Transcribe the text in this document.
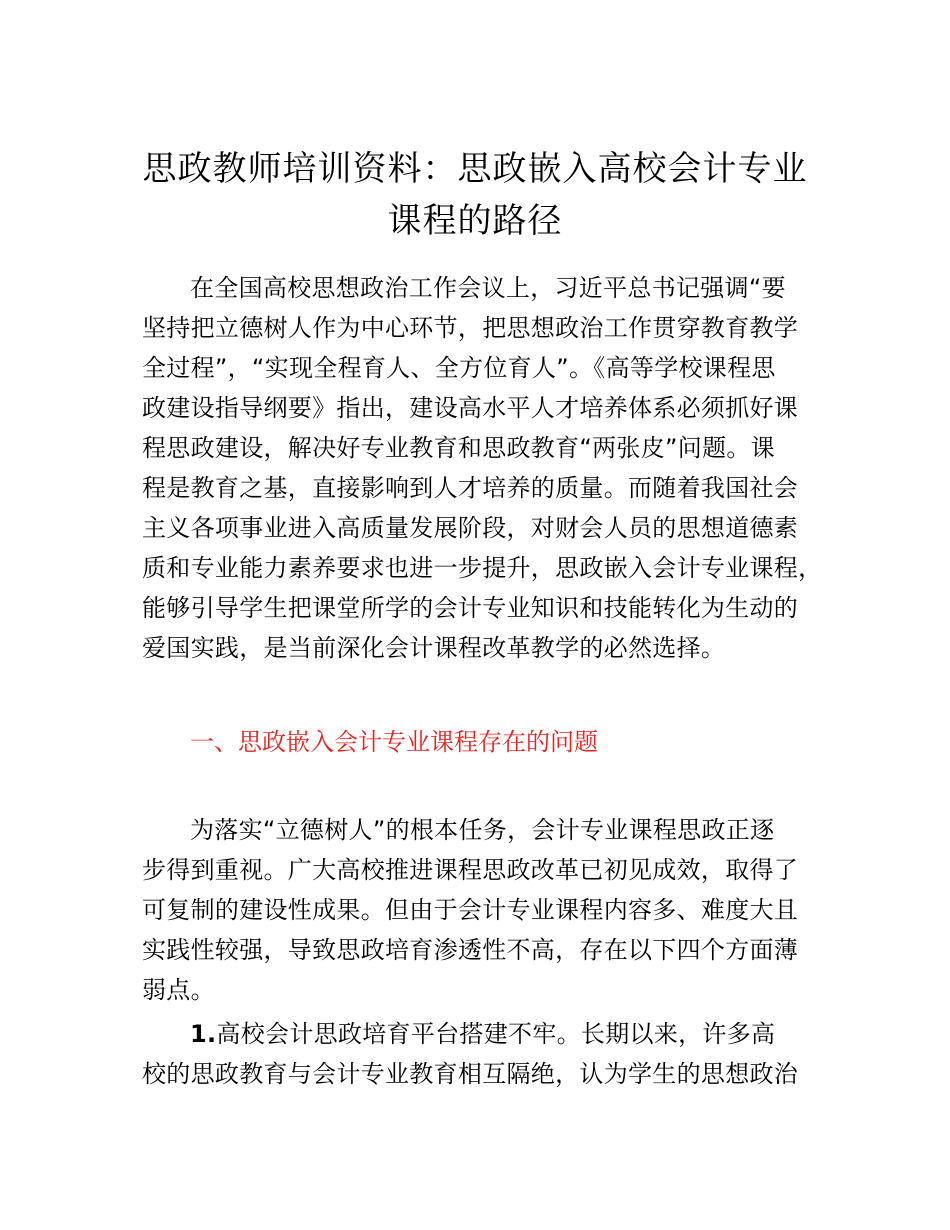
思政教师培训资料：思政嵌入高校会计专业
课程的路径
在全国高校思想政治工作会议上，习近平总书记强调“要
坚持把立德树人作为中心环节，把思想政治工作贯穿教育教学
全过程”，“实现全程育人、全方位育人”。《高等学校课程思
政建设指导纲要》指出，建设高水平人才培养体系必须抓好课
程思政建设，解决好专业教育和思政教育“两张皮”问题。课
程是教育之基，直接影响到人才培养的质量。而随着我国社会
主义各项事业进入高质量发展阶段，对财会人员的思想道德素
质和专业能力素养要求也进一步提升，思政嵌入会计专业课程，
能够引导学生把课堂所学的会计专业知识和技能转化为生动的
爱国实践，是当前深化会计课程改革教学的必然选择。
一、思政嵌入会计专业课程存在的问题
为落实“立德树人”的根本任务，会计专业课程思政正逐
步得到重视。广大高校推进课程思政改革已初见成效，取得了
可复制的建设性成果。但由于会计专业课程内容多、难度大且
实践性较强，导致思政培育渗透性不高，存在以下四个方面薄
弱点。
1.高校会计思政培育平台搭建不牢。长期以来，许多高
校的思政教育与会计专业教育相互隔绝，认为学生的思想政治
